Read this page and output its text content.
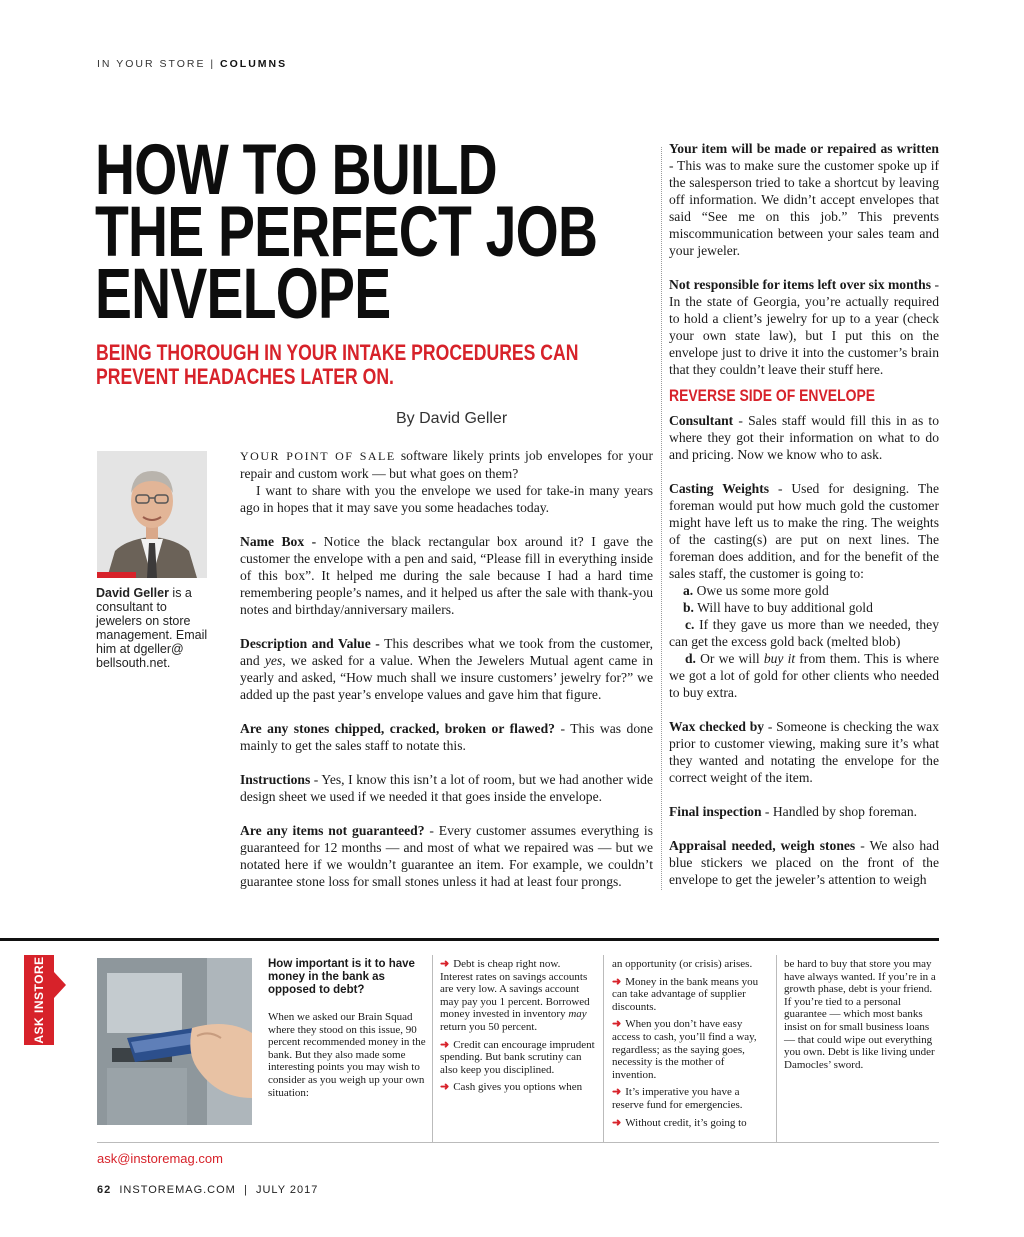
IN YOUR STORE | COLUMNS
HOW TO BUILD
THE PERFECT JOB
ENVELOPE
BEING THOROUGH IN YOUR INTAKE PROCEDURES CAN
PREVENT HEADACHES LATER ON.
By David Geller
David Geller is a consultant to jewelers on store management. Email him at dgeller@ bellsouth.net.

YOUR POINT OF SALE software likely prints job envelopes for your repair and custom work — but what goes on them?

I want to share with you the envelope we used for take-in many years ago in hopes that it may save you some headaches today.

Name Box - Notice the black rectangular box around it? I gave the customer the envelope with a pen and said, “Please fill in everything inside of this box”. It helped me during the sale because I had a hard time remembering people’s names, and it helped us after the sale with thank-you notes and birthday/anniversary mailers.

Description and Value - This describes what we took from the customer, and yes, we asked for a value. When the Jewelers Mutual agent came in yearly and asked, “How much shall we insure customers’ jewelry for?” we added up the past year’s envelope values and gave him that figure.

Are any stones chipped, cracked, broken or flawed? - This was done mainly to get the sales staff to notate this.

Instructions - Yes, I know this isn’t a lot of room, but we had another wide design sheet we used if we needed it that goes inside the envelope.

Are any items not guaranteed? - Every customer assumes everything is guaranteed for 12 months — and most of what we repaired was — but we notated here if we wouldn’t guarantee an item. For example, we couldn’t guarantee stone loss for small stones unless it had at least four prongs.

Your item will be made or repaired as written - This was to make sure the customer spoke up if the salesperson tried to take a shortcut by leaving off information. We didn’t accept envelopes that said “See me on this job.” This prevents miscommunication between your sales team and your jeweler.

Not responsible for items left over six months - In the state of Georgia, you’re actually required to hold a client’s jewelry for up to a year (check your own state law), but I put this on the envelope just to drive it into the customer’s brain that they couldn’t leave their stuff here.

REVERSE SIDE OF ENVELOPE

Consultant - Sales staff would fill this in as to where they got their information on what to do and pricing. Now we know who to ask.

Casting Weights - Used for designing. The foreman would put how much gold the customer might have left us to make the ring. The weights of the casting(s) are put on next lines. The foreman does addition, and for the benefit of the sales staff, the customer is going to:

a. Owe us some more gold

b. Will have to buy additional gold

c. If they gave us more than we needed, they can get the excess gold back (melted blob)

d. Or we will buy it from them. This is where we got a lot of gold for other clients who needed to buy extra.

Wax checked by - Someone is checking the wax prior to customer viewing, making sure it’s what they wanted and notating the envelope for the correct weight of the item.

Final inspection - Handled by shop foreman.

Appraisal needed, weigh stones - We also had blue stickers we placed on the front of the envelope to get the jeweler’s attention to weigh

ASK INSTORE	How important is it to have money in the bank as opposed to debt?

When we asked our Brain Squad where they stood on this issue, 90 percent recommended money in the bank. But they also made some interesting points you may wish to consider as you weigh up your own situation:

➜ Debt is cheap right now. Interest rates on savings accounts are very low. A savings account may pay you 1 percent. Borrowed money invested in inventory may return you 50 percent.

➜ Credit can encourage imprudent spending. But bank scrutiny can also keep you disciplined.

➜ Cash gives you options when

an opportunity (or crisis) arises.

➜ Money in the bank means you can take advantage of supplier discounts.

➜ When you don’t have easy access to cash, you’ll find a way, regardless; as the saying goes, necessity is the mother of invention.

➜ It’s imperative you have a reserve fund for emergencies.

➜ Without credit, it’s going to

be hard to buy that store you may have always wanted. If you’re in a growth phase, debt is your friend. If you’re tied to a personal guarantee — which most banks insist on for small business loans — that could wipe out everything you own. Debt is like living under Damocles’ sword.

ask@instoremag.com
62 INSTOREMAG.COM | JULY 2017
